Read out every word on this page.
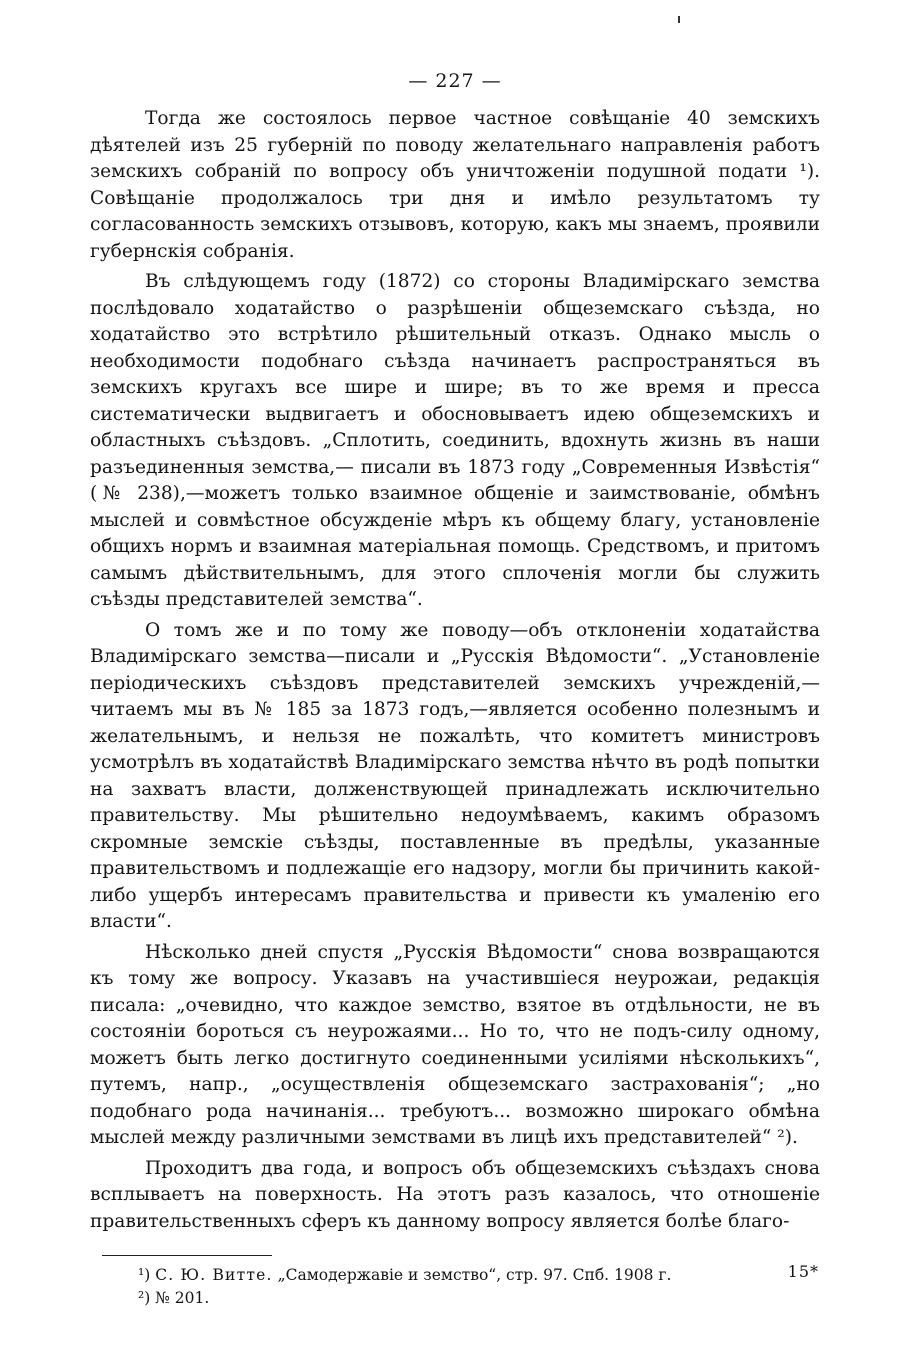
— 227 —

Тогда же состоялось первое частное совѣщаніе 40 земскихъ дѣятелей изъ 25 губерній по поводу желательнаго направленія работъ земскихъ собраній по вопросу объ уничтоженіи подушной подати ¹). Совѣщаніе продолжалось три дня и имѣло результатомъ ту согласованность земскихъ отзывовъ, которую, какъ мы знаемъ, проявили губернскія собранія.

Въ слѣдующемъ году (1872) со стороны Владимірскаго земства послѣдовало ходатайство о разрѣшеніи общеземскаго съѣзда, но ходатайство это встрѣтило рѣшительный отказъ. Однако мысль о необходимости подобнаго съѣзда начинаетъ распространяться въ земскихъ кругахъ все шире и шире; въ то же время и пресса систематически выдвигаетъ и обосновываетъ идею общеземскихъ и областныхъ съѣздовъ. „Сплотить, соединить, вдохнуть жизнь въ наши разъединенныя земства,— писали въ 1873 году „Современныя Извѣстія“ (№ 238),—можетъ только взаимное общеніе и заимствованіе, обмѣнъ мыслей и совмѣстное обсужденіе мѣръ къ общему благу, установленіе общихъ нормъ и взаимная матеріальная помощь. Средствомъ, и притомъ самымъ дѣйствительнымъ, для этого сплоченія могли бы служить съѣзды представителей земства“.

О томъ же и по тому же поводу—объ отклоненіи ходатайства Владимірскаго земства—писали и „Русскія Вѣдомости“. „Установленіе періодическихъ съѣздовъ представителей земскихъ учрежденій,—читаемъ мы въ № 185 за 1873 годъ,—является особенно полезнымъ и желательнымъ, и нельзя не пожалѣть, что комитетъ министровъ усмотрѣлъ въ ходатайствѣ Владимірскаго земства нѣчто въ родѣ попытки на захватъ власти, долженствующей принадлежать исключительно правительству. Мы рѣшительно недоумѣваемъ, какимъ образомъ скромные земскіе съѣзды, поставленные въ предѣлы, указанные правительствомъ и подлежащіе его надзору, могли бы причинить какой-либо ущербъ интересамъ правительства и привести къ умаленію его власти“.

Нѣсколько дней спустя „Русскія Вѣдомости“ снова возвращаются къ тому же вопросу. Указавъ на участившіеся неурожаи, редакція писала: „очевидно, что каждое земство, взятое въ отдѣльности, не въ состояніи бороться съ неурожаями... Но то, что не подъ-силу одному, можетъ быть легко достигнуто соединенными усиліями нѣсколькихъ“, путемъ, напр., „осуществленія общеземскаго застрахованія“; „но подобнаго рода начинанія... требуютъ... возможно широкаго обмѣна мыслей между различными земствами въ лицѣ ихъ представителей“ ²).

Проходитъ два года, и вопросъ объ общеземскихъ съѣздахъ снова всплываетъ на поверхность. На этотъ разъ казалось, что отношеніе правительственныхъ сферъ къ данному вопросу является болѣе благо-

¹) С. Ю. Витте. „Самодержавіе и земство“, стр. 97. Спб. 1908 г.
²) № 201.
15*
